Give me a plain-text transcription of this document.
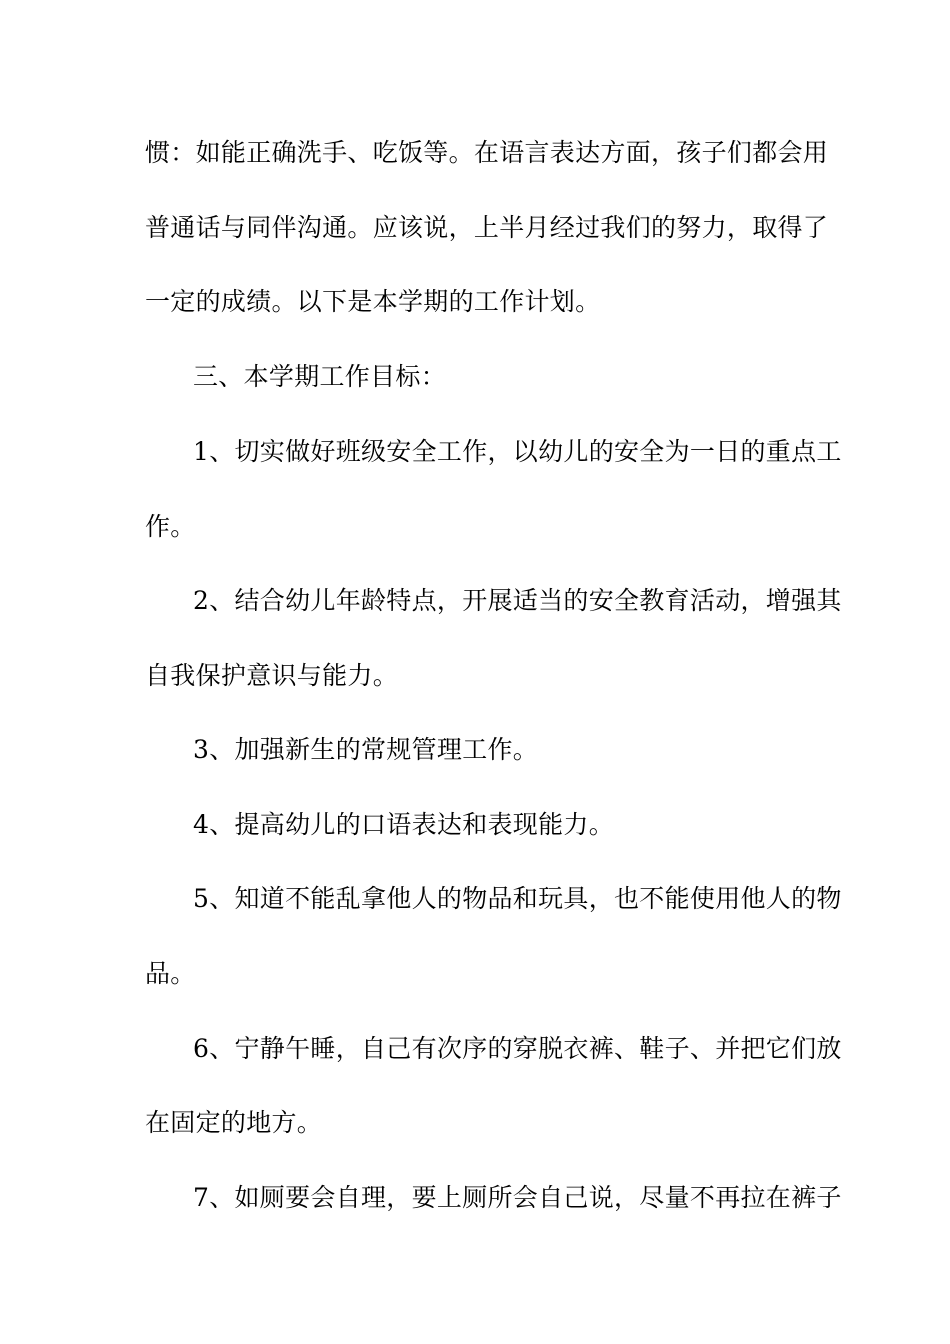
惯：如能正确洗手、吃饭等。在语言表达方面，孩子们都会用
普通话与同伴沟通。应该说，上半月经过我们的努力，取得了
一定的成绩。以下是本学期的工作计划。
三、本学期工作目标：
1、切实做好班级安全工作，以幼儿的安全为一日的重点工
作。
2、结合幼儿年龄特点，开展适当的安全教育活动，增强其
自我保护意识与能力。
3、加强新生的常规管理工作。
4、提高幼儿的口语表达和表现能力。
5、知道不能乱拿他人的物品和玩具，也不能使用他人的物
品。
6、宁静午睡，自己有次序的穿脱衣裤、鞋子、并把它们放
在固定的地方。
7、如厕要会自理，要上厕所会自己说，尽量不再拉在裤子
